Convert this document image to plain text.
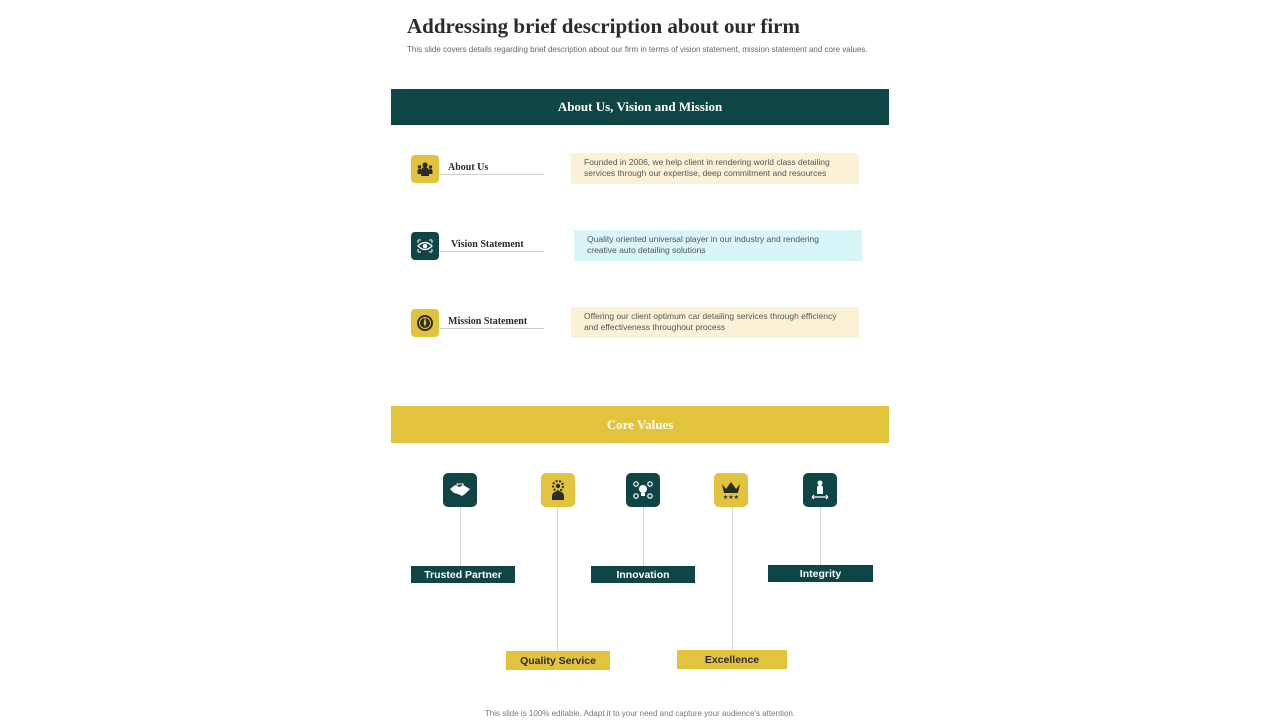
Addressing brief description about our firm
This slide covers details regarding brief description about our firm in terms of vision statement, mission statement and core values.
About Us, Vision and Mission
About Us	Founded in 2006, we help client in rendering world class detailing services through our expertise, deep commitment and resources
Vision Statement	Quality oriented universal player in our industry and rendering creative auto detailing solutions
Mission Statement	Offering our client optimum car detailing services through efficiency and effectiveness throughout process
Core Values
Trusted Partner
Quality Service
Innovation
★★★
Excellence
Integrity
This slide is 100% editable. Adapt it to your need and capture your audience's attention.
